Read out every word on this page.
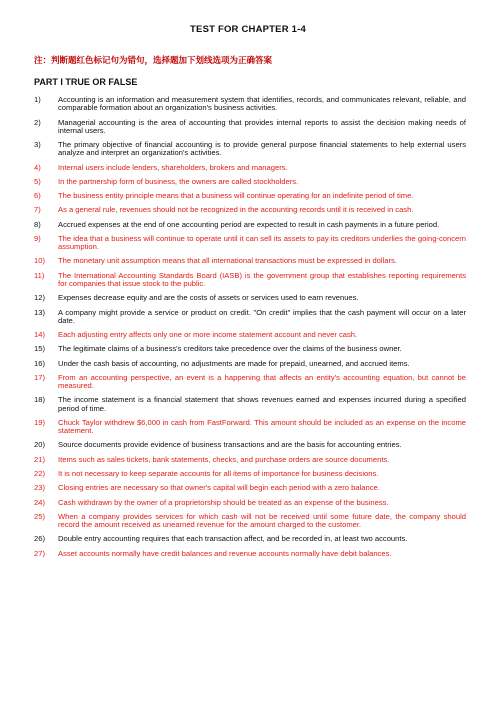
TEST FOR CHAPTER 1-4
注：判断题红色标记句为错句，选择题加下划线选项为正确答案
PART I TRUE OR FALSE
1) Accounting is an information and measurement system that identifies, records, and communicates relevant, reliable, and comparable formation about an organization's business activities.
2) Managerial accounting is the area of accounting that provides internal reports to assist the decision making needs of internal users.
3) The primary objective of financial accounting is to provide general purpose financial statements to help external users analyze and interpret an organization's activities.
4) Internal users include lenders, shareholders, brokers and managers.
5) In the partnership form of business, the owners are called stockholders.
6) The business entity principle means that a business will continue operating for an indefinite period of time.
7) As a general rule, revenues should not be recognized in the accounting records until it is received in cash.
8) Accrued expenses at the end of one accounting period are expected to result in cash payments in a future period.
9) The idea that a business will continue to operate until it can sell its assets to pay its creditors underlies the going-concern assumption.
10) The monetary unit assumption means that all international transactions must be expressed in dollars.
11) The International Accounting Standards Board (IASB) is the government group that establishes reporting requirements for companies that issue stock to the public.
12) Expenses decrease equity and are the costs of assets or services used to earn revenues.
13) A company might provide a service or product on credit. "On credit" implies that the cash payment will occur on a later date.
14) Each adjusting entry affects only one or more income statement account and never cash.
15) The legitimate claims of a business's creditors take precedence over the claims of the business owner.
16) Under the cash basis of accounting, no adjustments are made for prepaid, unearned, and accrued items.
17) From an accounting perspective, an event is a happening that affects an entity's accounting equation, but cannot be measured.
18) The income statement is a financial statement that shows revenues earned and expenses incurred during a specified period of time.
19) Chuck Taylor withdrew $6,000 in cash from FastForward. This amount should be included as an expense on the income statement.
20) Source documents provide evidence of business transactions and are the basis for accounting entries.
21) Items such as sales tickets, bank statements, checks, and purchase orders are source documents.
22) It is not necessary to keep separate accounts for all items of importance for business decisions.
23) Closing entries are necessary so that owner's capital will begin each period with a zero balance.
24) Cash withdrawn by the owner of a proprietorship should be treated as an expense of the business.
25) When a company provides services for which cash will not be received until some future date, the company should record the amount received as unearned revenue for the amount charged to the customer.
26) Double entry accounting requires that each transaction affect, and be recorded in, at least two accounts.
27) Asset accounts normally have credit balances and revenue accounts normally have debit balances.
